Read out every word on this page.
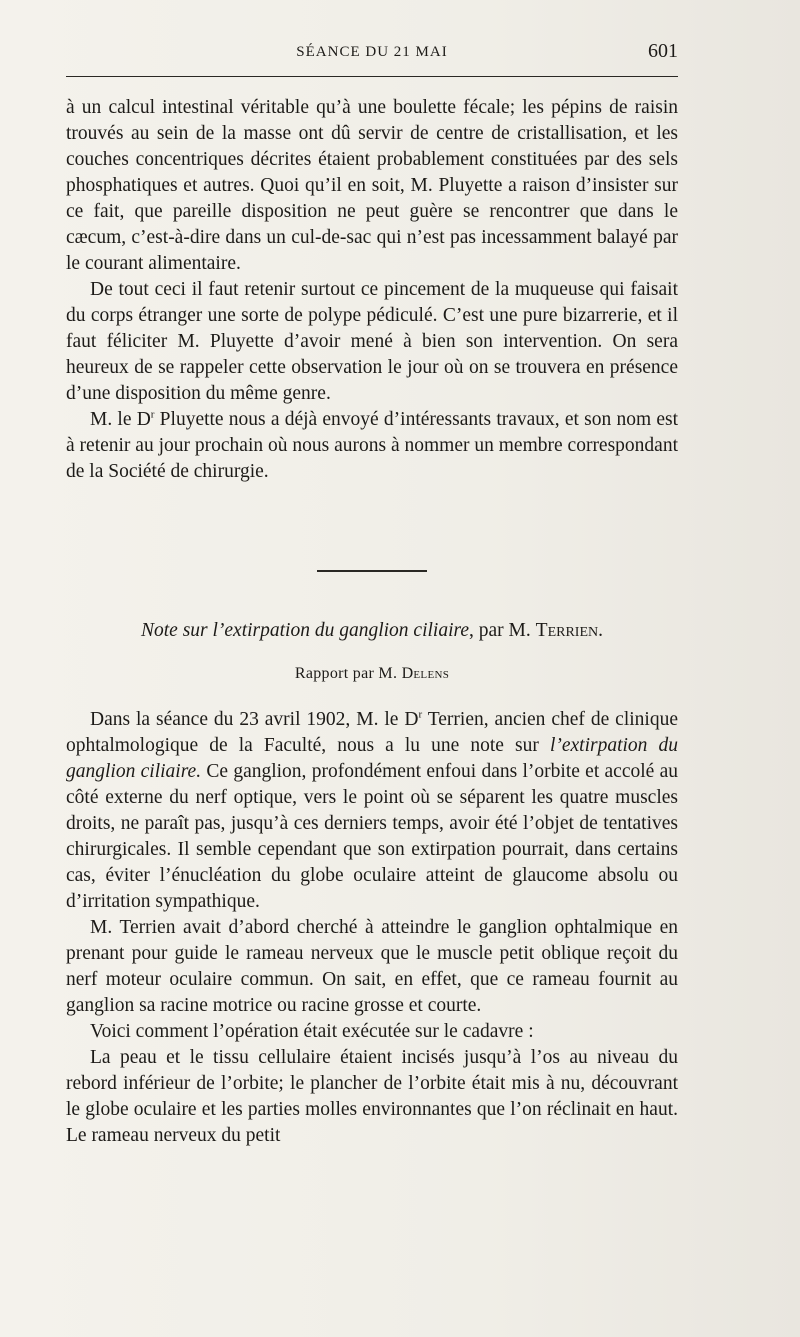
SÉANCE DU 21 MAI	601

à un calcul intestinal véritable qu’à une boulette fécale; les pépins de raisin trouvés au sein de la masse ont dû servir de centre de cristallisation, et les couches concentriques décrites étaient probablement constituées par des sels phosphatiques et autres. Quoi qu’il en soit, M. Pluyette a raison d’insister sur ce fait, que pareille disposition ne peut guère se rencontrer que dans le cæcum, c’est-à-dire dans un cul-de-sac qui n’est pas incessamment balayé par le courant alimentaire.

De tout ceci il faut retenir surtout ce pincement de la muqueuse qui faisait du corps étranger une sorte de polype pédiculé. C’est une pure bizarrerie, et il faut féliciter M. Pluyette d’avoir mené à bien son intervention. On sera heureux de se rappeler cette observation le jour où on se trouvera en présence d’une disposition du même genre.

M. le $D^r$ Pluyette nous a déjà envoyé d’intéressants travaux, et son nom est à retenir au jour prochain où nous aurons à nommer un membre correspondant de la Société de chirurgie.

Note sur l’extirpation du ganglion ciliaire, par M. Terrien.
Rapport par M. Delens

Dans la séance du 23 avril 1902, M. le $D^r$ Terrien, ancien chef de clinique ophtalmologique de la Faculté, nous a lu une note sur l’extirpation du ganglion ciliaire. Ce ganglion, profondément enfoui dans l’orbite et accolé au côté externe du nerf optique, vers le point où se séparent les quatre muscles droits, ne paraît pas, jusqu’à ces derniers temps, avoir été l’objet de tentatives chirurgicales. Il semble cependant que son extirpation pourrait, dans certains cas, éviter l’énucléation du globe oculaire atteint de glaucome absolu ou d’irritation sympathique.

M. Terrien avait d’abord cherché à atteindre le ganglion ophtalmique en prenant pour guide le rameau nerveux que le muscle petit oblique reçoit du nerf moteur oculaire commun. On sait, en effet, que ce rameau fournit au ganglion sa racine motrice ou racine grosse et courte.

Voici comment l’opération était exécutée sur le cadavre :

La peau et le tissu cellulaire étaient incisés jusqu’à l’os au niveau du rebord inférieur de l’orbite; le plancher de l’orbite était mis à nu, découvrant le globe oculaire et les parties molles environnantes que l’on réclinait en haut. Le rameau nerveux du petit
